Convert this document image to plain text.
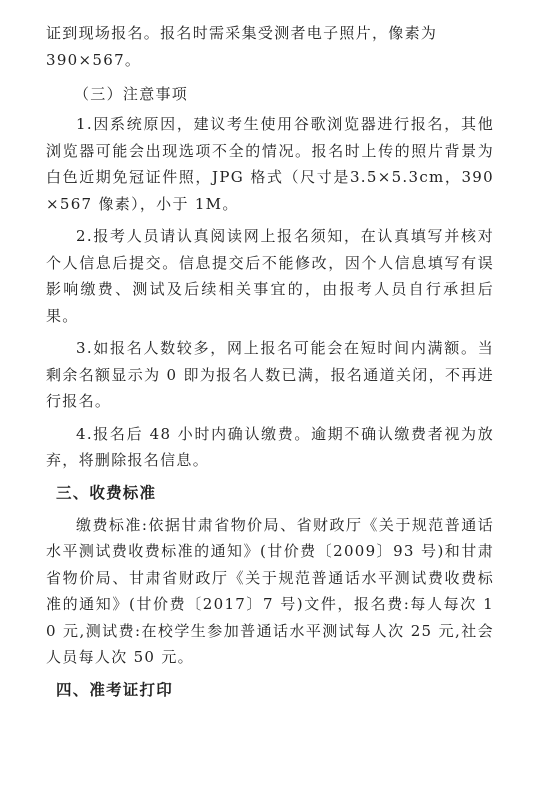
证到现场报名。报名时需采集受测者电子照片，像素为

390×567。

（三）注意事项

1.因系统原因，建议考生使用谷歌浏览器进行报名，其他浏览器可能会出现选项不全的情况。报名时上传的照片背景为白色近期免冠证件照，JPG 格式（尺寸是3.5×5.3cm，390×567 像素），小于 1M。

2.报考人员请认真阅读网上报名须知，在认真填写并核对个人信息后提交。信息提交后不能修改，因个人信息填写有误影响缴费、测试及后续相关事宜的，由报考人员自行承担后果。

3.如报名人数较多，网上报名可能会在短时间内满额。当剩余名额显示为 0 即为报名人数已满，报名通道关闭，不再进行报名。

4.报名后 48 小时内确认缴费。逾期不确认缴费者视为放弃，将删除报名信息。

三、收费标准

缴费标准:依据甘肃省物价局、省财政厅《关于规范普通话水平测试费收费标准的通知》(甘价费〔2009〕93 号)和甘肃省物价局、甘肃省财政厅《关于规范普通话水平测试费收费标准的通知》(甘价费〔2017〕7 号)文件，报名费:每人每次 10 元,测试费:在校学生参加普通话水平测试每人次 25 元,社会人员每人次 50 元。

四、准考证打印
